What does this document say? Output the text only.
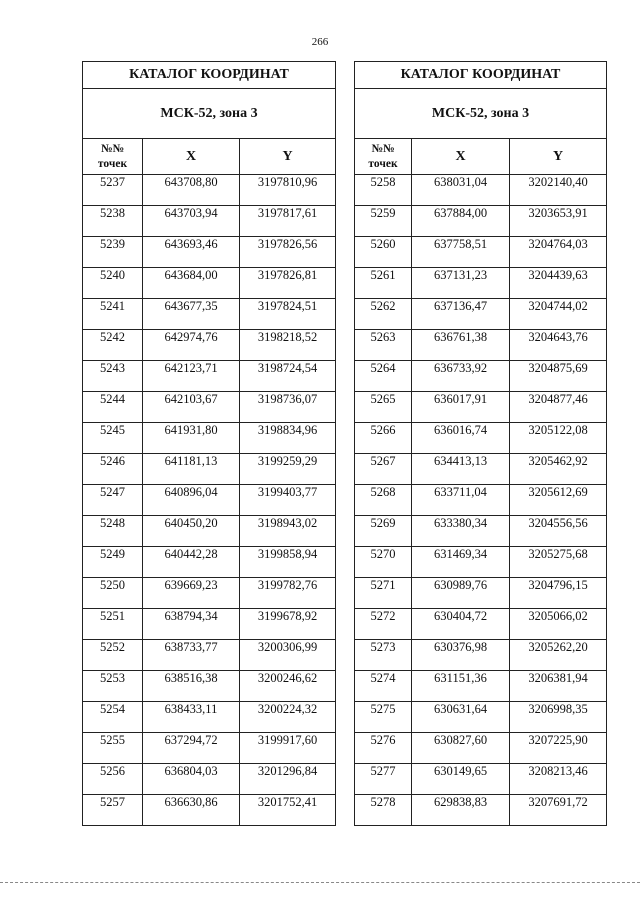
266
КАТАЛОГ КООРДИНАТ		
МСК-52, зона 3		
№№
точек	X	Y
5237	643708,80	3197810,96
5238	643703,94	3197817,61
5239	643693,46	3197826,56
5240	643684,00	3197826,81
5241	643677,35	3197824,51
5242	642974,76	3198218,52
5243	642123,71	3198724,54
5244	642103,67	3198736,07
5245	641931,80	3198834,96
5246	641181,13	3199259,29
5247	640896,04	3199403,77
5248	640450,20	3198943,02
5249	640442,28	3199858,94
5250	639669,23	3199782,76
5251	638794,34	3199678,92
5252	638733,77	3200306,99
5253	638516,38	3200246,62
5254	638433,11	3200224,32
5255	637294,72	3199917,60
5256	636804,03	3201296,84
5257	636630,86	3201752,41
КАТАЛОГ КООРДИНАТ		
МСК-52, зона 3		
№№
точек	X	Y
5258	638031,04	3202140,40
5259	637884,00	3203653,91
5260	637758,51	3204764,03
5261	637131,23	3204439,63
5262	637136,47	3204744,02
5263	636761,38	3204643,76
5264	636733,92	3204875,69
5265	636017,91	3204877,46
5266	636016,74	3205122,08
5267	634413,13	3205462,92
5268	633711,04	3205612,69
5269	633380,34	3204556,56
5270	631469,34	3205275,68
5271	630989,76	3204796,15
5272	630404,72	3205066,02
5273	630376,98	3205262,20
5274	631151,36	3206381,94
5275	630631,64	3206998,35
5276	630827,60	3207225,90
5277	630149,65	3208213,46
5278	629838,83	3207691,72
